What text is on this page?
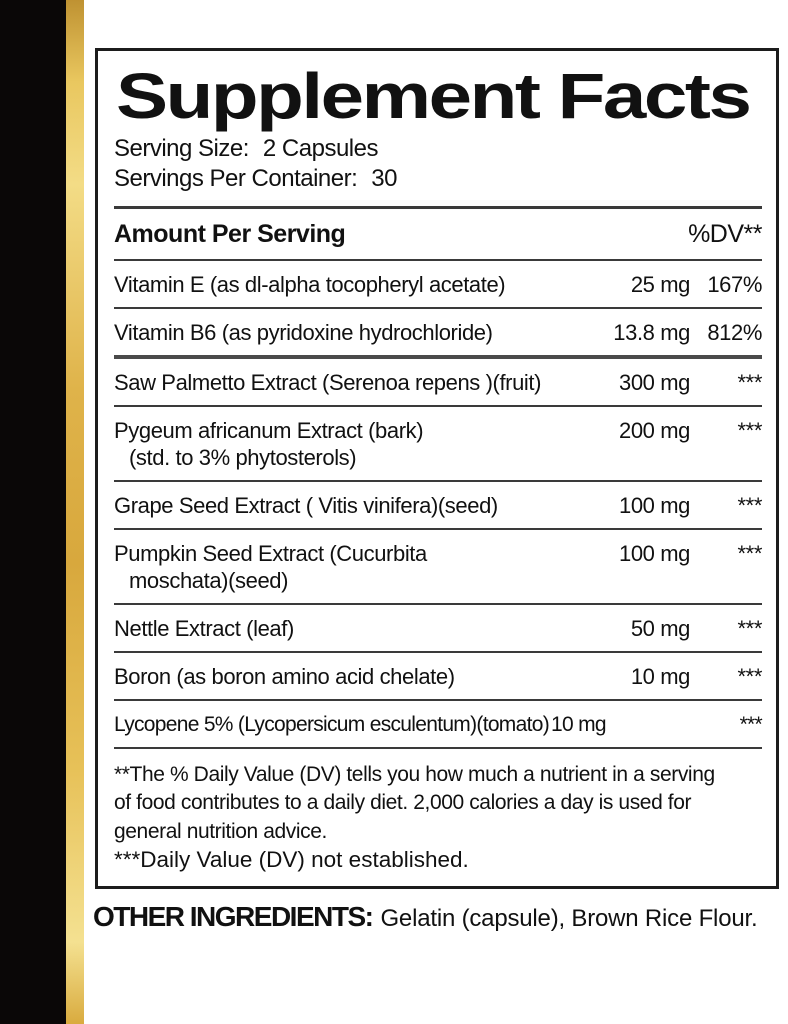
Supplement Facts
Serving Size: 2 Capsules
Servings Per Container: 30
Amount Per Serving	%DV**
Vitamin E (as dl-alpha tocopheryl acetate)	25 mg 167%
Vitamin B6 (as pyridoxine hydrochloride)	13.8 mg 812%
Saw Palmetto Extract (Serenoa repens )(fruit)	300 mg	***
Pygeum africanum Extract (bark)
(std. to 3% phytosterols)
200 mg	***
Grape Seed Extract ( Vitis vinifera)(seed)	100 mg	***
Pumpkin Seed Extract (Cucurbita
moschata)(seed)
100 mg	***
Nettle Extract (leaf)	50 mg	***
Boron (as boron amino acid chelate)	10 mg	***
Lycopene 5% (Lycopersicum esculentum)(tomato) 10 mg	***
**The % Daily Value (DV) tells you how much a nutrient in a serving
of food contributes to a daily diet. 2,000 calories a day is used for
general nutrition advice.
***Daily Value (DV) not established.
OTHER INGREDIENTS: Gelatin (capsule), Brown Rice Flour.
